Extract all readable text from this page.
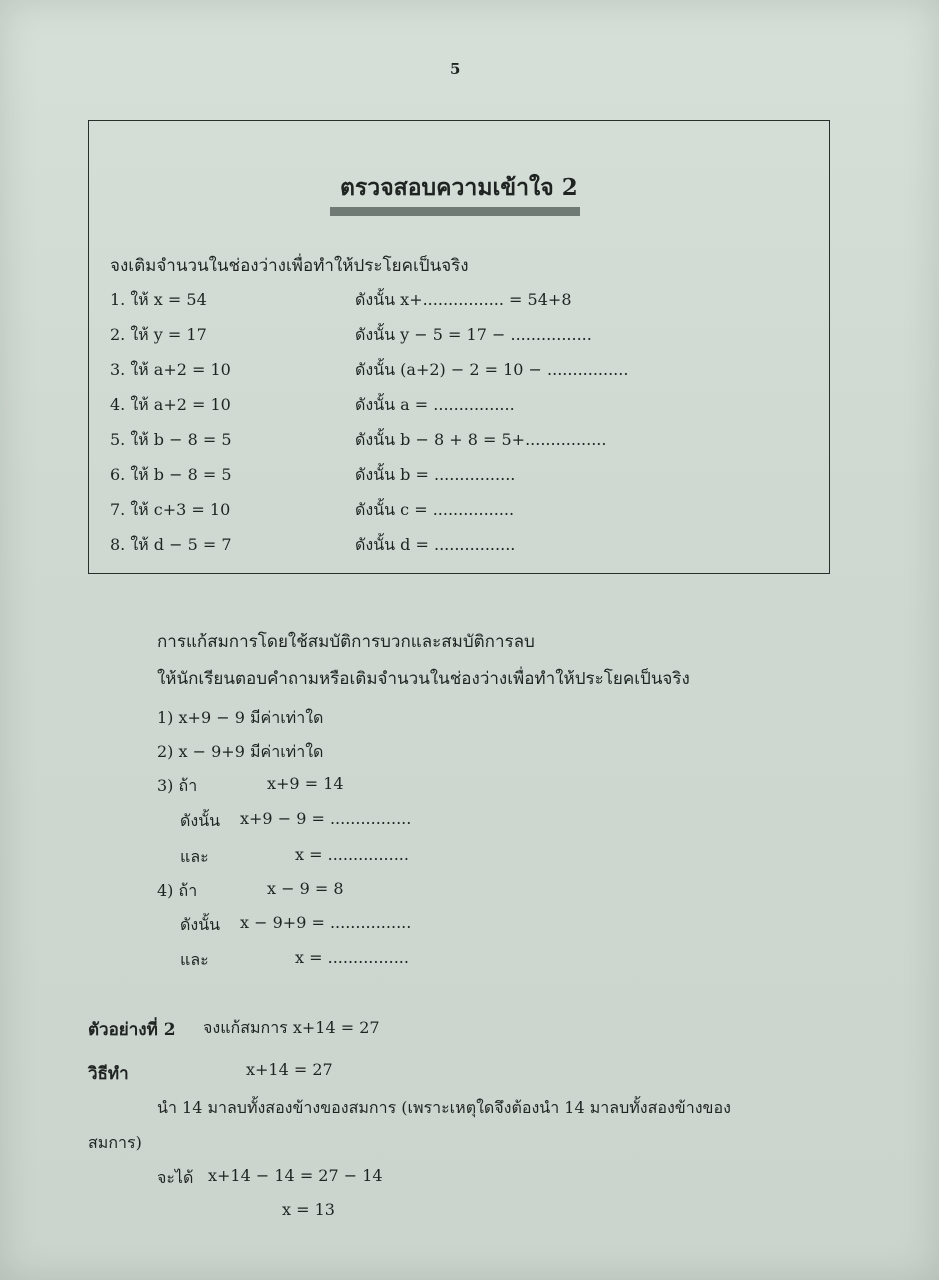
5
ตรวจสอบความเข้าใจ 2
จงเติมจำนวนในช่องว่างเพื่อทำให้ประโยคเป็นจริง
1. ให้ x = 54	ดังนั้น x+................ = 54+8
2. ให้ y = 17	ดังนั้น y − 5 = 17 − ................
3. ให้ a+2 = 10	ดังนั้น (a+2) − 2 = 10 − ................
4. ให้ a+2 = 10	ดังนั้น a = ................
5. ให้ b − 8 = 5	ดังนั้น b − 8 + 8 = 5+................
6. ให้ b − 8 = 5	ดังนั้น b = ................
7. ให้ c+3 = 10	ดังนั้น c = ................
8. ให้ d − 5 = 7	ดังนั้น d = ................
การแก้สมการโดยใช้สมบัติการบวกและสมบัติการลบ
ให้นักเรียนตอบคำถามหรือเติมจำนวนในช่องว่างเพื่อทำให้ประโยคเป็นจริง
1) x+9 − 9 มีค่าเท่าใด
2) x − 9+9 มีค่าเท่าใด
3) ถ้า	x+9 = 14
ดังนั้น x+9 − 9 = ................
และ	x = ................
4) ถ้า	x − 9 = 8
ดังนั้น x − 9+9 = ................
และ	x = ................
ตัวอย่างที่ 2 จงแก้สมการ x+14 = 27
วิธีทำ	x+14 = 27
นำ 14 มาลบทั้งสองข้างของสมการ (เพราะเหตุใดจึงต้องนำ 14 มาลบทั้งสองข้างของ
สมการ)
จะได้ x+14 − 14 = 27 − 14
x = 13
